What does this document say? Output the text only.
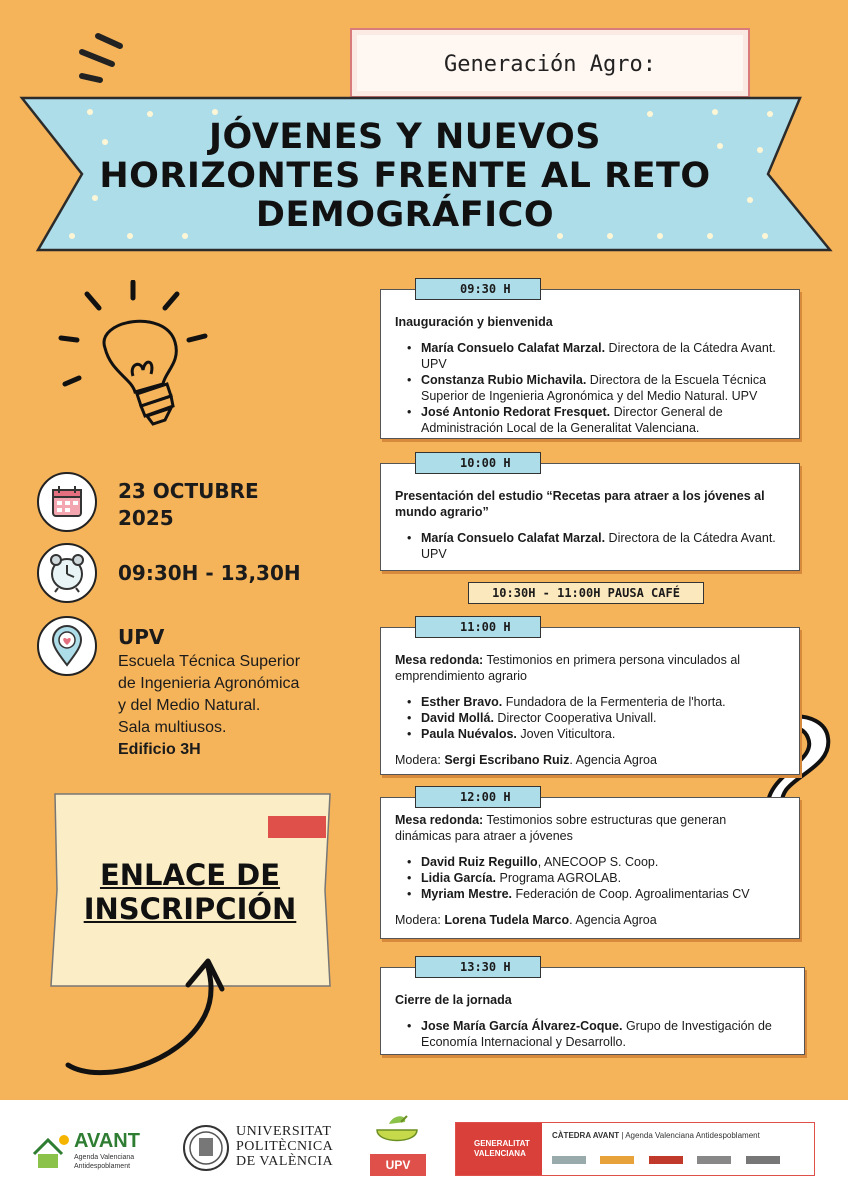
Generación Agro:
JÓVENES Y NUEVOS
HORIZONTES FRENTE AL RETO
DEMOGRÁFICO
23 OCTUBRE
2025
09:30H - 13,30H
UPV
Escuela Técnica Superior
de Ingenieria Agronómica
y del Medio Natural.
Sala multiusos.
Edificio 3H
ENLACE DE
INSCRIPCIÓN
09:30 H
Inauguración y bienvenida
• María Consuelo Calafat Marzal. Directora de la Cátedra Avant. UPV
• Constanza Rubio Michavila. Directora de la Escuela Técnica Superior de Ingenieria Agronómica y del Medio Natural. UPV
• José Antonio Redorat Fresquet. Director General de Administración Local de la Generalitat Valenciana.
10:00 H
Presentación del estudio “Recetas para atraer a los jóvenes al mundo agrario”
• María Consuelo Calafat Marzal. Directora de la Cátedra Avant. UPV
10:30H - 11:00H PAUSA CAFÉ
11:00 H
Mesa redonda: Testimonios en primera persona vinculados al emprendimiento agrario
• Esther Bravo. Fundadora de la Fermenteria de l'horta.
• David Mollá. Director Cooperativa Univall.
• Paula Nuévalos. Joven Viticultora.
Modera: Sergi Escribano Ruiz. Agencia Agroa
12:00 H
Mesa redonda: Testimonios sobre estructuras que generan dinámicas para atraer a jóvenes
• David Ruiz Reguillo, ANECOOP S. Coop.
• Lidia García. Programa AGROLAB.
• Myriam Mestre. Federación de Coop. Agroalimentarias CV
Modera: Lorena Tudela Marco. Agencia Agroa
13:30 H
Cierre de la jornada
• Jose María García Álvarez-Coque. Grupo de Investigación de Economía Internacional y Desarrollo.
AVANT
Agenda Valenciana
Antidespoblament
UNIVERSITAT
POLITÈCNICA
DE VALÈNCIA	UPV
GENERALITAT
VALENCIANA
CÀTEDRA AVANT | Agenda Valenciana Antidespoblament
